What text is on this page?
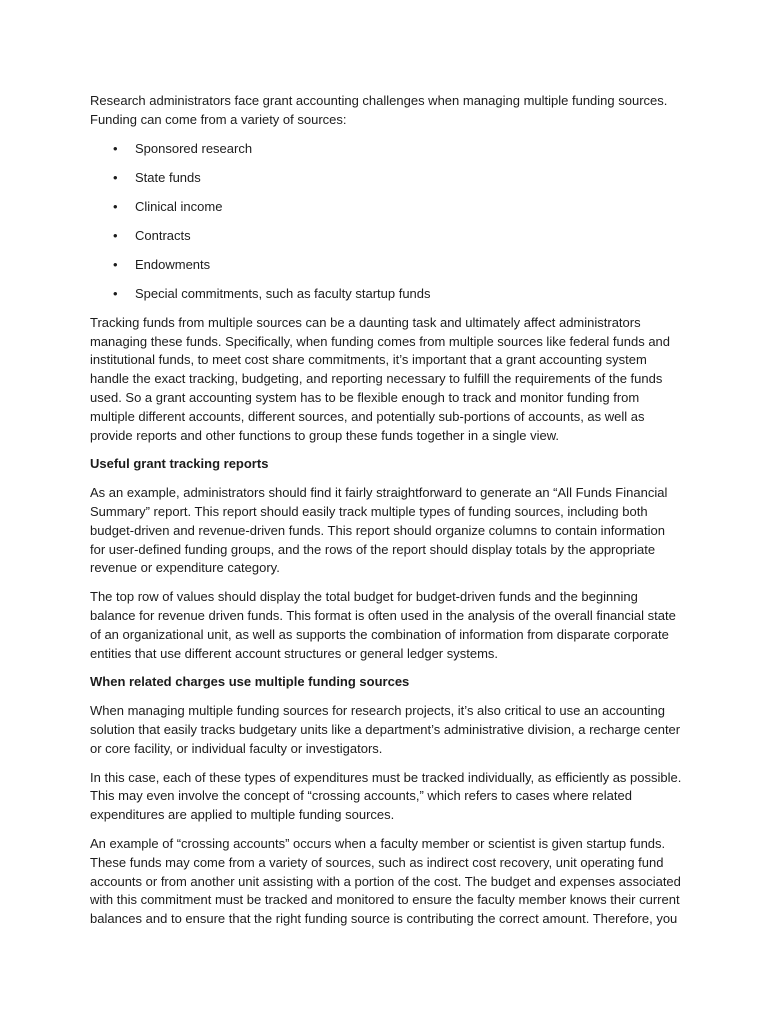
Research administrators face grant accounting challenges when managing multiple funding sources. Funding can come from a variety of sources:

• Sponsored research
• State funds
• Clinical income
• Contracts
• Endowments
• Special commitments, such as faculty startup funds

Tracking funds from multiple sources can be a daunting task and ultimately affect administrators managing these funds. Specifically, when funding comes from multiple sources like federal funds and institutional funds, to meet cost share commitments, it’s important that a grant accounting system handle the exact tracking, budgeting, and reporting necessary to fulfill the requirements of the funds used. So a grant accounting system has to be flexible enough to track and monitor funding from multiple different accounts, different sources, and potentially sub-portions of accounts, as well as provide reports and other functions to group these funds together in a single view.

Useful grant tracking reports

As an example, administrators should find it fairly straightforward to generate an “All Funds Financial Summary” report. This report should easily track multiple types of funding sources, including both budget-driven and revenue-driven funds. This report should organize columns to contain information for user-defined funding groups, and the rows of the report should display totals by the appropriate revenue or expenditure category.

The top row of values should display the total budget for budget-driven funds and the beginning balance for revenue driven funds. This format is often used in the analysis of the overall financial state of an organizational unit, as well as supports the combination of information from disparate corporate entities that use different account structures or general ledger systems.

When related charges use multiple funding sources

When managing multiple funding sources for research projects, it’s also critical to use an accounting solution that easily tracks budgetary units like a department’s administrative division, a recharge center or core facility, or individual faculty or investigators.

In this case, each of these types of expenditures must be tracked individually, as efficiently as possible. This may even involve the concept of “crossing accounts,” which refers to cases where related expenditures are applied to multiple funding sources.

An example of “crossing accounts” occurs when a faculty member or scientist is given startup funds. These funds may come from a variety of sources, such as indirect cost recovery, unit operating fund accounts or from another unit assisting with a portion of the cost. The budget and expenses associated with this commitment must be tracked and monitored to ensure the faculty member knows their current balances and to ensure that the right funding source is contributing the correct amount. Therefore, you
